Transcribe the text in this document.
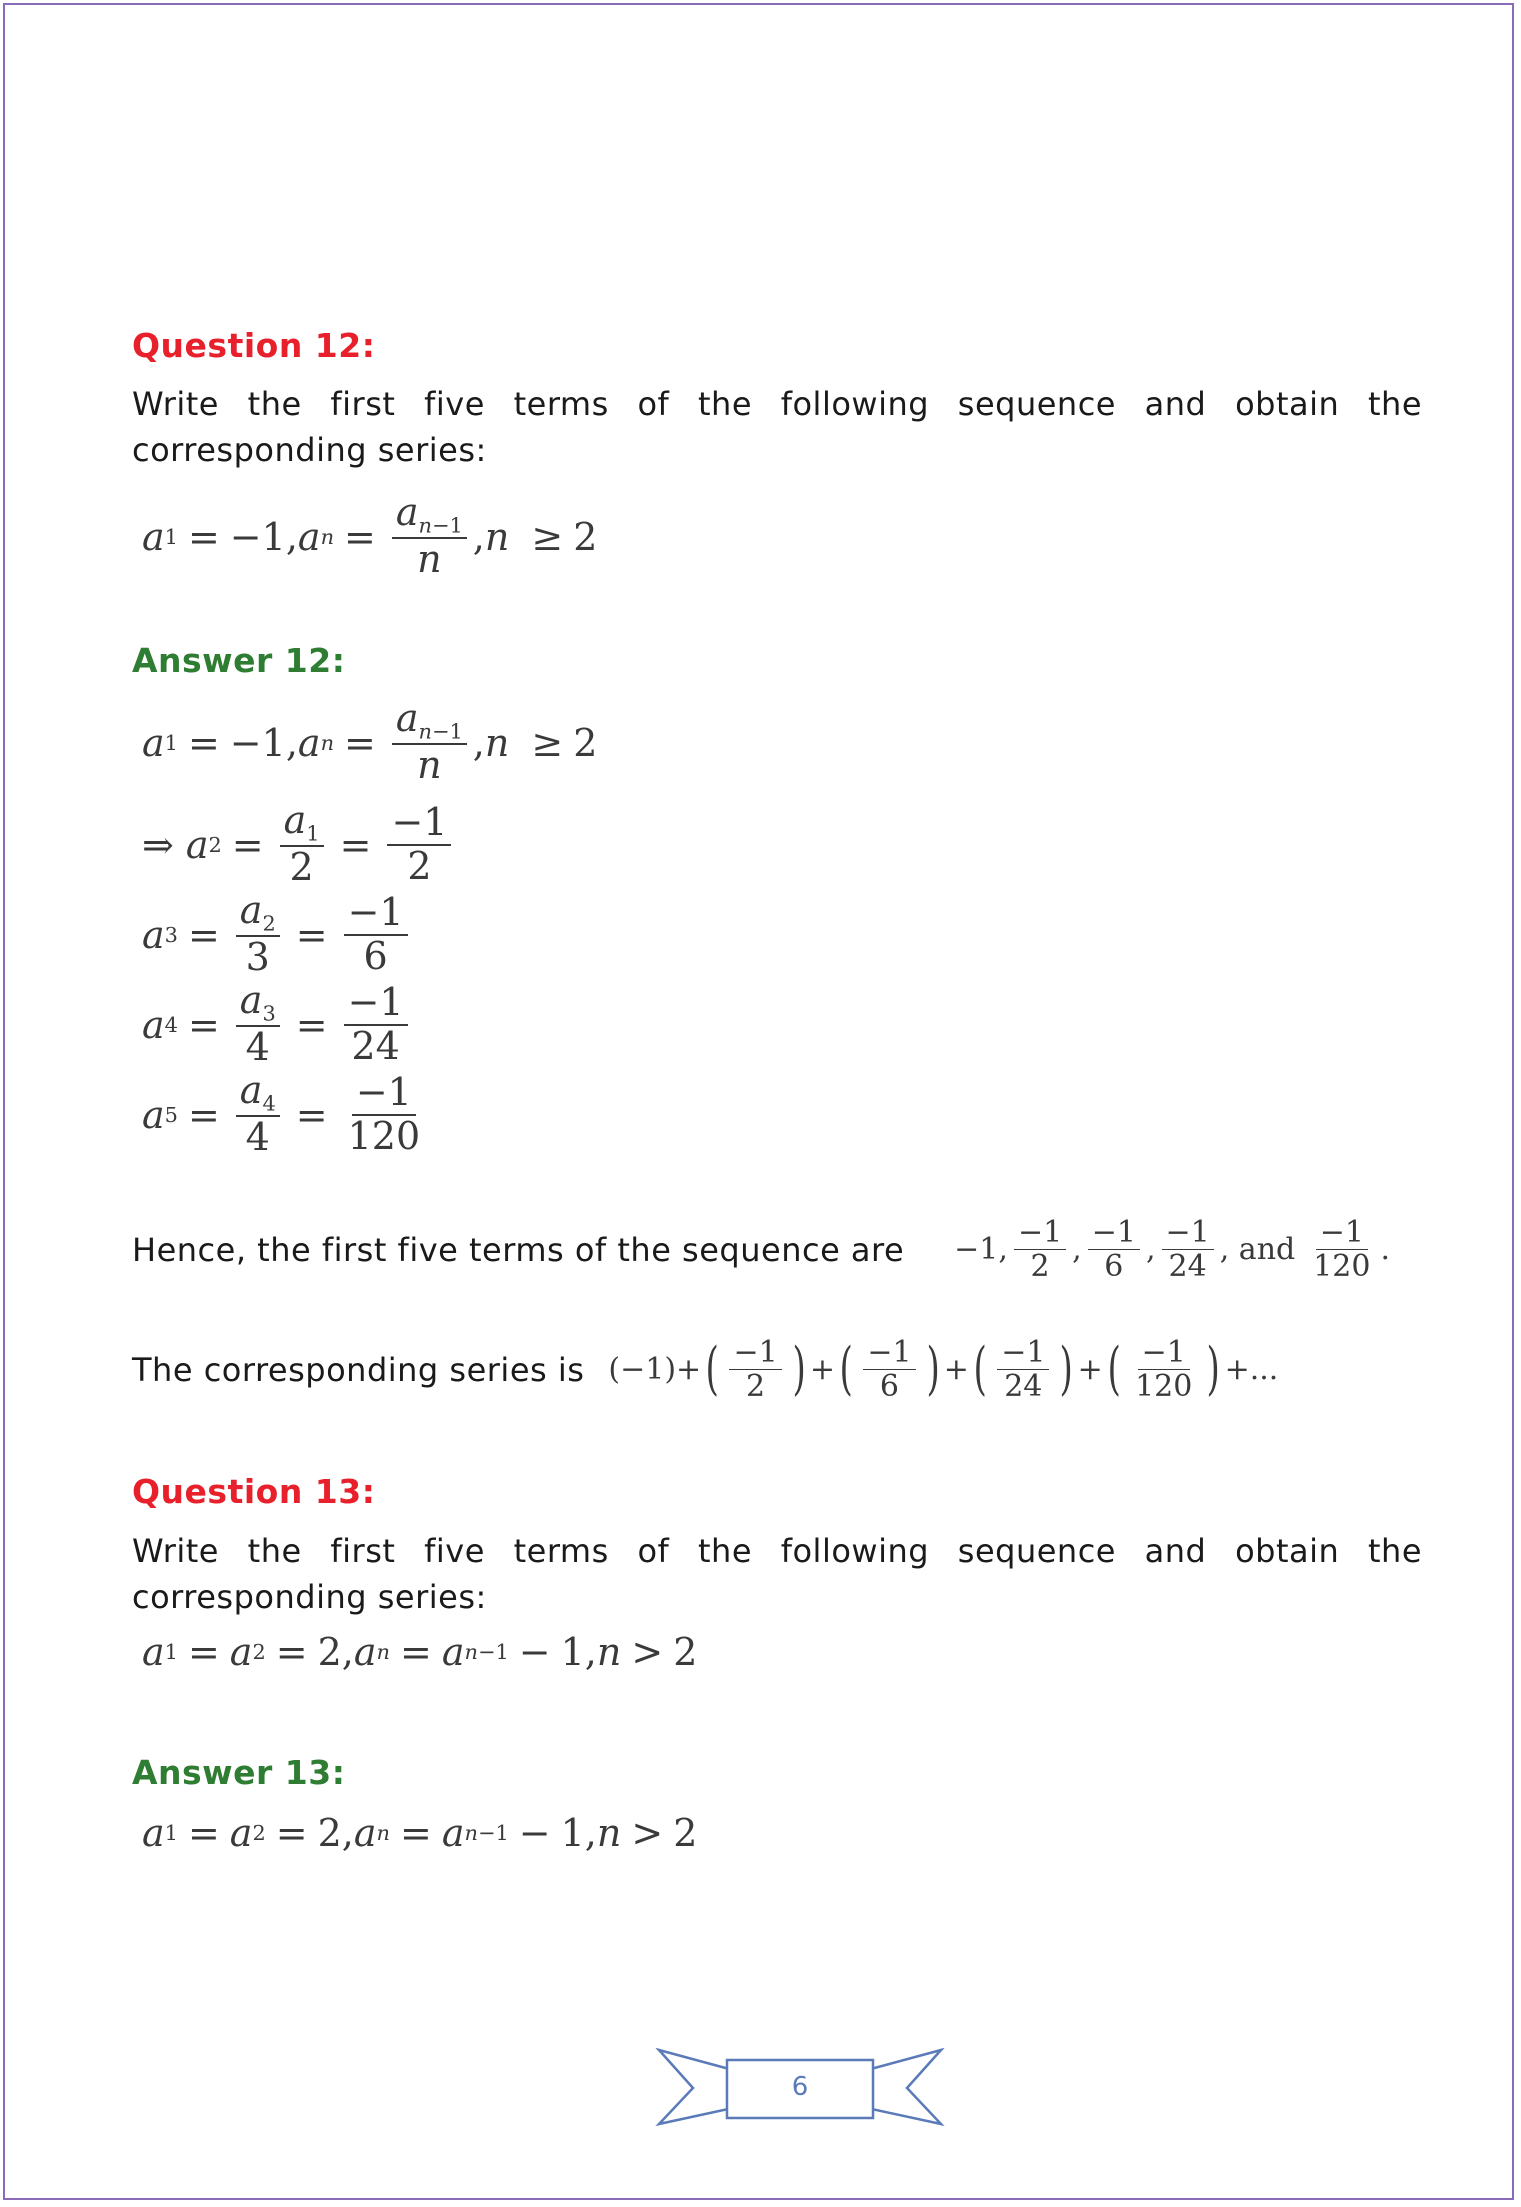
Question 12:

Write the first five terms of the following sequence and obtain the corresponding series:

a 1 = −1, a $n = \frac{a_{n-1}}{n}$ , n ≥ 2
Answer 12:
a 1 = −1, a $n = \frac{a_{n-1}}{n}$ , n ≥ 2
⇒ a $2 = \frac{a_1}{2} = \frac{-1}{2}$
a $3 = \frac{a_2}{3} = \frac{-1}{6}$
a $4 = \frac{a_3}{4} = \frac{-1}{24}$
a $5 = \frac{a_4}{4} = \frac{-1}{120}$
Hence, the first five terms of the sequence are −1, $\frac{-1}{2}$ , $\frac{-1}{6}$ , $\frac{-1}{24}$ , and $\frac{-1}{120}$ .
The corresponding series is (−1)+ ( $\frac{-1}{2}$ ) + ( $\frac{-1}{6}$ ) + ( $\frac{-1}{24}$ ) + ( $\frac{-1}{120}$ ) +...
Question 13:

Write the first five terms of the following sequence and obtain the corresponding series:

a 1 = a 2 = 2, a n = a n−1 − 1, n > 2
Answer 13:
a 1 = a 2 = 2, a n = a n−1 − 1, n > 2
6
